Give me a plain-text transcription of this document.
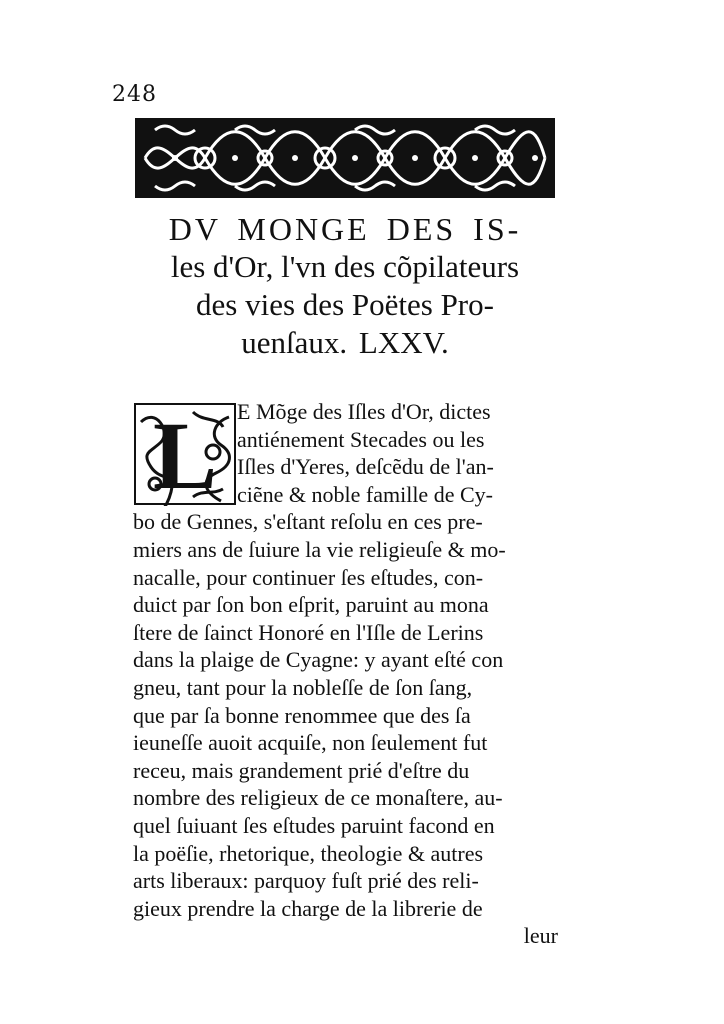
248
DV MONGE DES IS-
les d'Or, l'vn des cõpilateurs
des vies des Poëtes Pro-
uenſaux. LXXV.
L E Mõge des Iſles d'Or, dictes
antiénement Stecades ou les
Iſles d'Yeres, deſcẽdu de l'an-
ciẽne & noble famille de Cy-
bo de Gennes, s'eſtant reſolu en ces pre-
miers ans de ſuiure la vie religieuſe & mo-
nacalle, pour continuer ſes eſtudes, con-
duict par ſon bon eſprit, paruint au mona
ſtere de ſainct Honoré en l'Iſle de Lerins
dans la plaige de Cyagne: y ayant eſté con
gneu, tant pour la nobleſſe de ſon ſang,
que par ſa bonne renommee que des ſa
ieuneſſe auoit acquiſe, non ſeulement fut
receu, mais grandement prié d'eſtre du
nombre des religieux de ce monaſtere, au-
quel ſuiuant ſes eſtudes paruint facond en
la poëſie, rhetorique, theologie & autres
arts liberaux: parquoy fuſt prié des reli-
gieux prendre la charge de la librerie de
leur
